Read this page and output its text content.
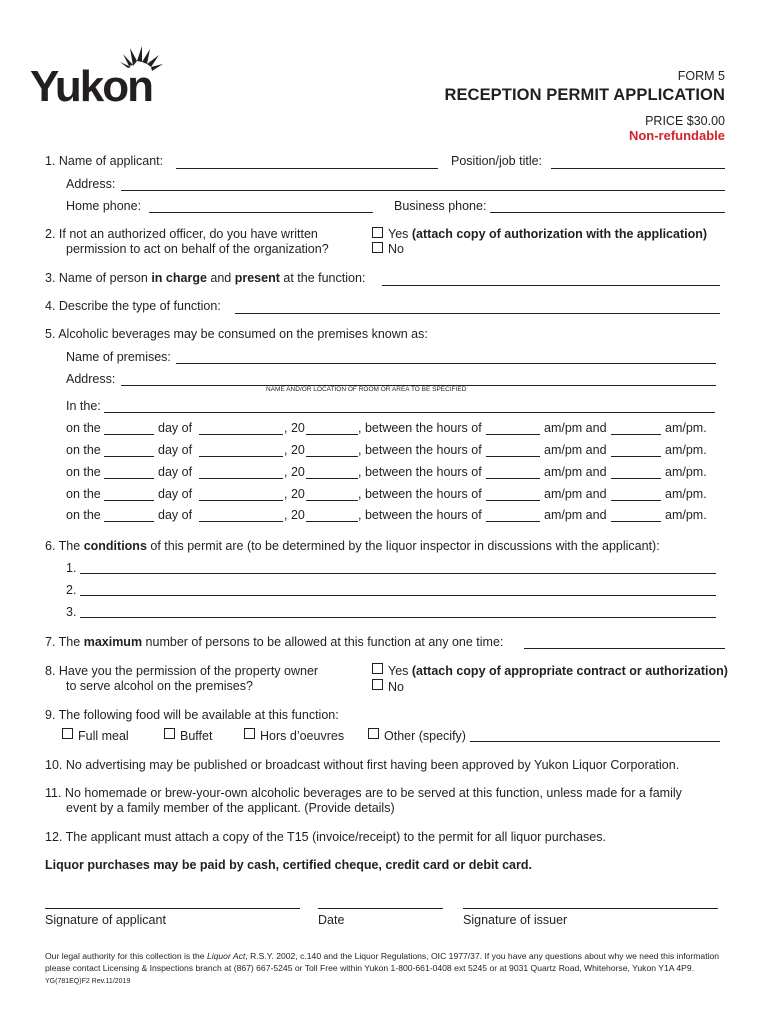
Yukon	FORM 5
RECEPTION PERMIT APPLICATION
PRICE $30.00
Non-refundable
1. Name of applicant:	Position/job title:
Address:
Home phone:	Business phone:
2. If not an authorized officer, do you have written
permission to act on behalf of the organization?
Yes (attach copy of authorization with the application)
No
3. Name of person in charge and present at the function:
4. Describe the type of function:
5. Alcoholic beverages may be consumed on the premises known as:
Name of premises:
Address:
NAME AND/OR LOCATION OF ROOM OR AREA TO BE SPECIFIED
In the:
on the	day of	, 20	, between the hours of	am/pm and	am/pm.
on the	day of	, 20	, between the hours of	am/pm and	am/pm.
on the	day of	, 20	, between the hours of	am/pm and	am/pm.
on the	day of	, 20	, between the hours of	am/pm and	am/pm.
on the	day of	, 20	, between the hours of	am/pm and	am/pm.
6. The conditions of this permit are (to be determined by the liquor inspector in discussions with the applicant):
1.
2.
3.
7. The maximum number of persons to be allowed at this function at any one time:
8. Have you the permission of the property owner
to serve alcohol on the premises?
Yes (attach copy of appropriate contract or authorization)
No
9. The following food will be available at this function:
Full meal	Buffet	Hors d’oeuvres	Other (specify)
10. No advertising may be published or broadcast without first having been approved by Yukon Liquor Corporation.
11. No homemade or brew-your-own alcoholic beverages are to be served at this function, unless made for a family
event by a family member of the applicant. (Provide details)
12. The applicant must attach a copy of the T15 (invoice/receipt) to the permit for all liquor purchases.
Liquor purchases may be paid by cash, certified cheque, credit card or debit card.
Signature of applicant	Date	Signature of issuer
Our legal authority for this collection is the Liquor Act, R.S.Y. 2002, c.140 and the Liquor Regulations, OIC 1977/37. If you have any questions about why we need this information
please contact Licensing & Inspections branch at (867) 667-5245 or Toll Free within Yukon 1-800-661-0408 ext 5245 or at 9031 Quartz Road, Whitehorse, Yukon Y1A 4P9.
YG(781EQ)F2 Rev.11/2019
